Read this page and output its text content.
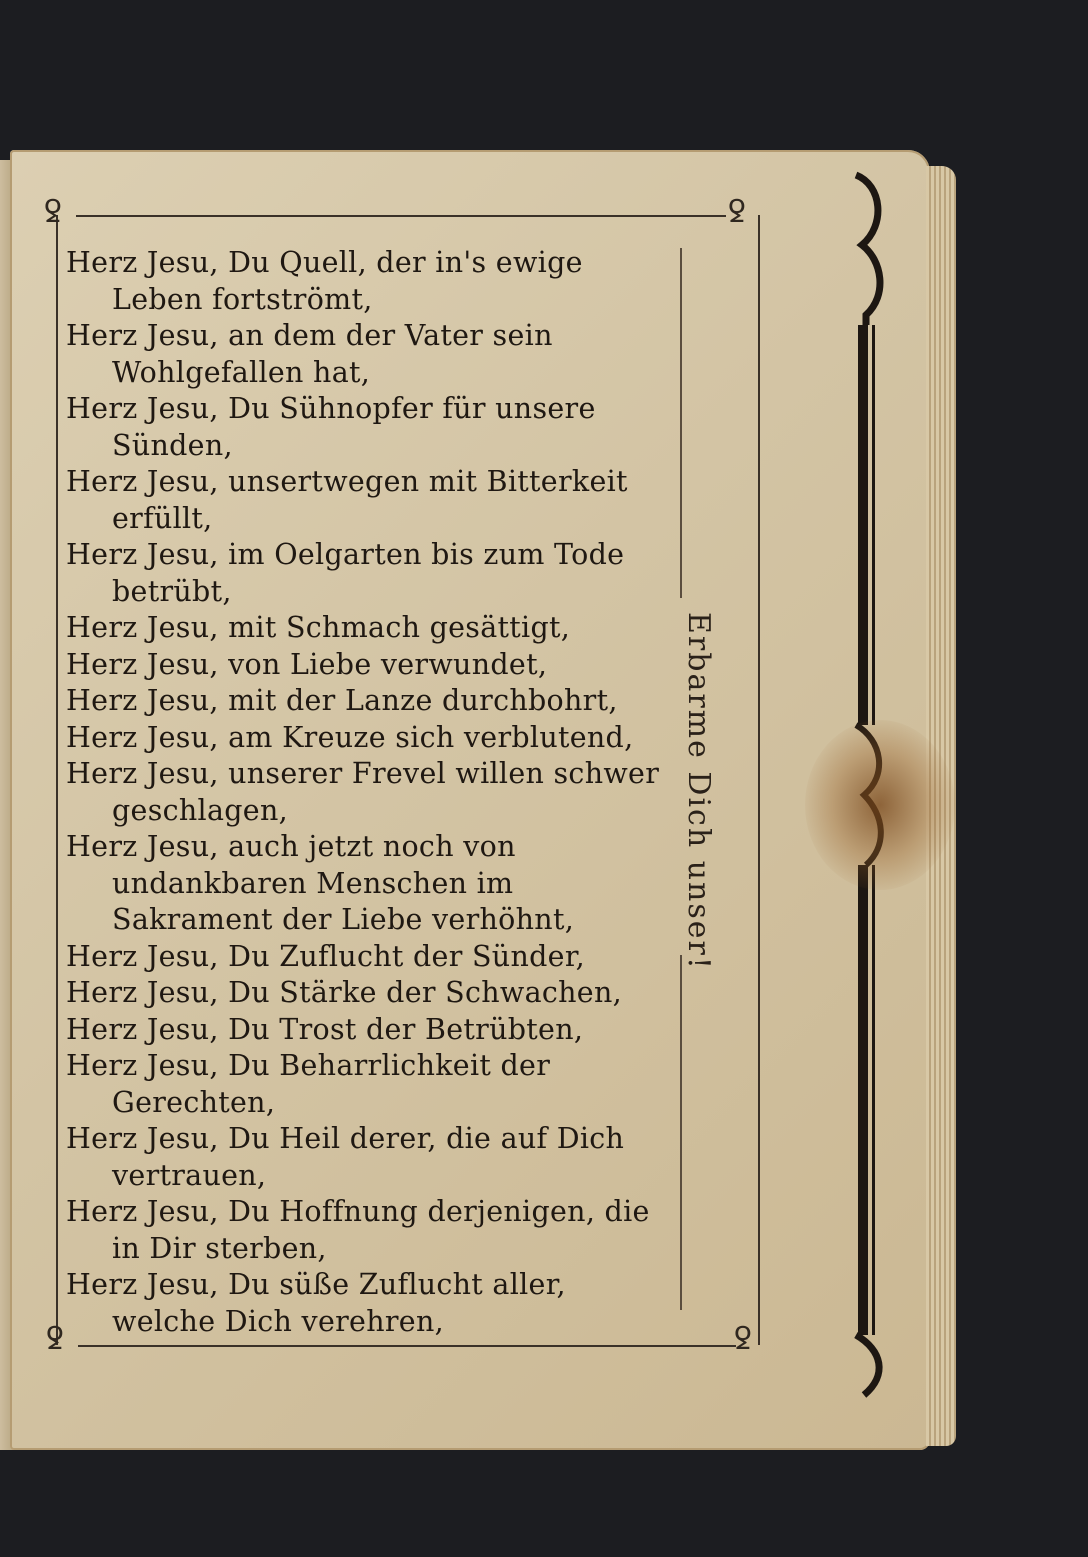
ꝿ	ꝿ
ꝿ	ꝿ
Herz Jesu, Du Quell, der in's ewige Leben fortströmt,
Herz Jesu, an dem der Vater sein Wohlgefallen hat,
Herz Jesu, Du Sühnopfer für unsere Sünden,
Herz Jesu, unsertwegen mit Bitterkeit erfüllt,
Herz Jesu, im Oelgarten bis zum Tode betrübt,
Herz Jesu, mit Schmach gesättigt,
Herz Jesu, von Liebe verwundet,
Herz Jesu, mit der Lanze durchbohrt,
Herz Jesu, am Kreuze sich verblutend,
Herz Jesu, unserer Frevel willen schwer geschlagen,
Herz Jesu, auch jetzt noch von undankbaren Menschen im Sakrament der Liebe verhöhnt,
Herz Jesu, Du Zuflucht der Sünder,
Herz Jesu, Du Stärke der Schwachen,
Herz Jesu, Du Trost der Betrübten,
Herz Jesu, Du Beharrlichkeit der Gerechten,
Herz Jesu, Du Heil derer, die auf Dich vertrauen,
Herz Jesu, Du Hoffnung derjenigen, die in Dir sterben,
Herz Jesu, Du süße Zuflucht aller, welche Dich verehren,
Erbarme Dich unser!
